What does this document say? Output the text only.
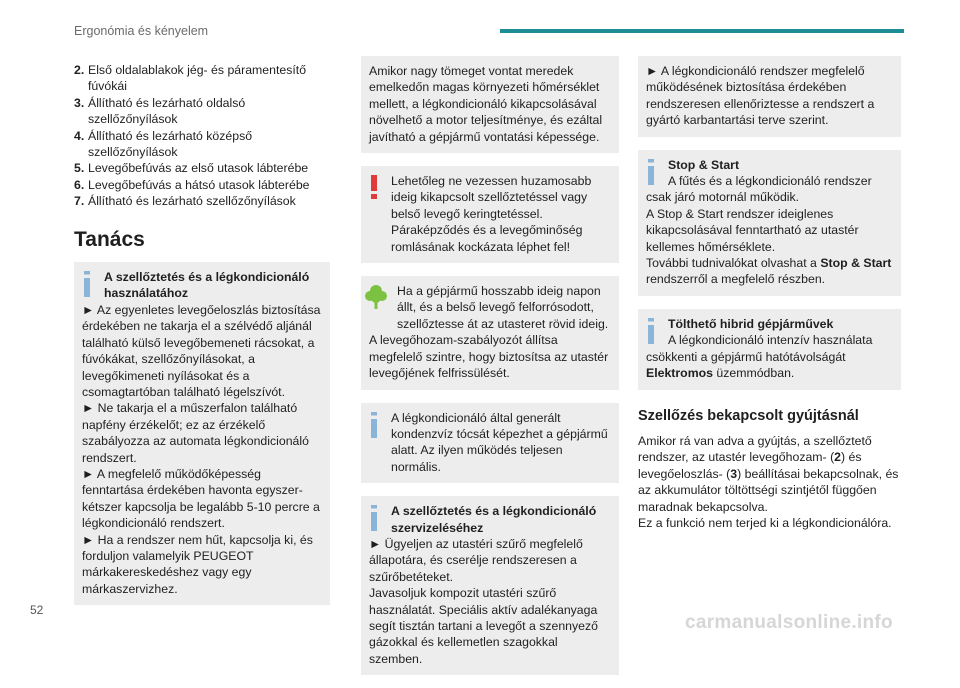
Ergonómia és kényelem
2. Első oldalablakok jég- és páramentesítő fúvókái
3. Állítható és lezárható oldalsó szellőzőnyílások
4. Állítható és lezárható középső szellőzőnyílások
5. Levegőbefúvás az első utasok lábterébe
6. Levegőbefúvás a hátsó utasok lábterébe
7. Állítható és lezárható szellőzőnyílások
Tanács
A szellőztetés és a légkondicionáló használatához
► Az egyenletes levegőeloszlás biztosítása érdekében ne takarja el a szélvédő aljánál található külső levegőbemeneti rácsokat, a fúvókákat, szellőzőnyílásokat, a levegőkimeneti nyílásokat és a csomagtartóban található légelszívót.
► Ne takarja el a műszerfalon található napfény érzékelőt; ez az érzékelő szabályozza az automata légkondicionáló rendszert.
► A megfelelő működőképesség fenntartása érdekében havonta egyszer-kétszer kapcsolja be legalább 5-10 percre a légkondicionáló rendszert.
► Ha a rendszer nem hűt, kapcsolja ki, és forduljon valamelyik PEUGEOT márkakereskedéshez vagy egy márkaszervizhez.
Amikor nagy tömeget vontat meredek emelkedőn magas környezeti hőmérséklet mellett, a légkondicionáló kikapcsolásával növelhető a motor teljesítménye, és ezáltal javítható a gépjármű vontatási képessége.
Lehetőleg ne vezessen huzamosabb ideig kikapcsolt szellőztetéssel vagy belső levegő keringtetéssel. Páraképződés és a levegőminőség romlásának kockázata léphet fel!
Ha a gépjármű hosszabb ideig napon állt, és a belső levegő felforrósodott, szellőztesse át az utasteret rövid ideig.
A levegőhozam-szabályozót állítsa megfelelő szintre, hogy biztosítsa az utastér levegőjének felfrissülését.
A légkondicionáló által generált kondenzvíz tócsát képezhet a gépjármű alatt. Az ilyen működés teljesen normális.
A szellőztetés és a légkondicionáló szervizeléséhez
► Ügyeljen az utastéri szűrő megfelelő állapotára, és cserélje rendszeresen a szűrőbetéteket.
Javasoljuk kompozit utastéri szűrő használatát. Speciális aktív adalékanyaga segít tisztán tartani a levegőt a szennyező gázokkal és kellemetlen szagokkal szemben.
► A légkondicionáló rendszer megfelelő működésének biztosítása érdekében rendszeresen ellenőriztesse a rendszert a gyártó karbantartási terve szerint.
Stop & Start
A fűtés és a légkondicionáló rendszer csak járó motornál működik.
A Stop & Start rendszer ideiglenes kikapcsolásával fenntartható az utastér kellemes hőmérséklete.
További tudnivalókat olvashat a Stop & Start rendszerről a megfelelő részben.
Tölthető hibrid gépjárművek
A légkondicionáló intenzív használata csökkenti a gépjármű hatótávolságát Elektromos üzemmódban.
Szellőzés bekapcsolt gyújtásnál

Amikor rá van adva a gyújtás, a szellőztető rendszer, az utastér levegőhozam- (2) és levegőeloszlás- (3) beállításai bekapcsolnak, és az akkumulátor töltöttségi szintjétől függően maradnak bekapcsolva.

Ez a funkció nem terjed ki a légkondicionálóra.

52
carmanualsonline.info
